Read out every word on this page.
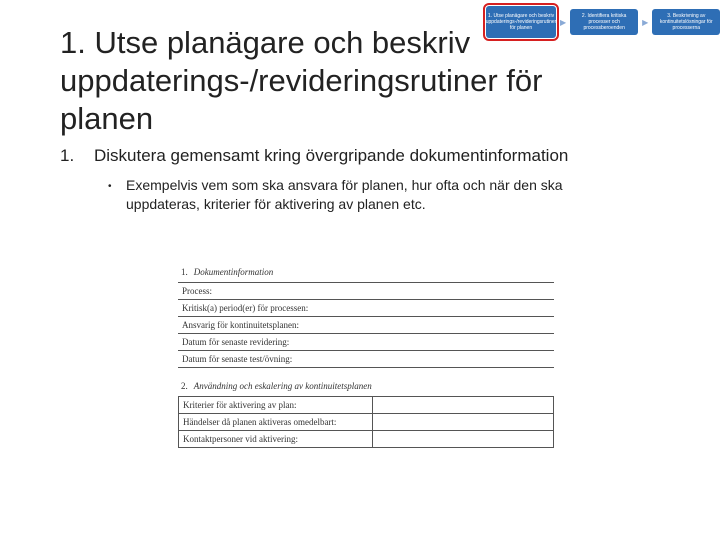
1. Utse planägare och beskriv uppdaterings-/revideringsrutiner för planen
▶
2. Identifiera kritiska processer och processberoenden
▶
3. Beskrivning av kontinuitetslösningar för processerna
1. Utse planägare och beskriv uppdaterings-/revideringsrutiner för planen
1. Diskutera gemensamt kring övergripande dokumentinformation
•	Exempelvis vem som ska ansvara för planen, hur ofta och när den ska uppdateras, kriterier för aktivering av planen etc.
1. Dokumentinformation
Process:
Kritisk(a) period(er) för processen:
Ansvarig för kontinuitetsplanen:
Datum för senaste revidering:
Datum för senaste test/övning:
2. Användning och eskalering av kontinuitetsplanen
Kriterier för aktivering av plan:	
Händelser då planen aktiveras omedelbart:	
Kontaktpersoner vid aktivering:	
